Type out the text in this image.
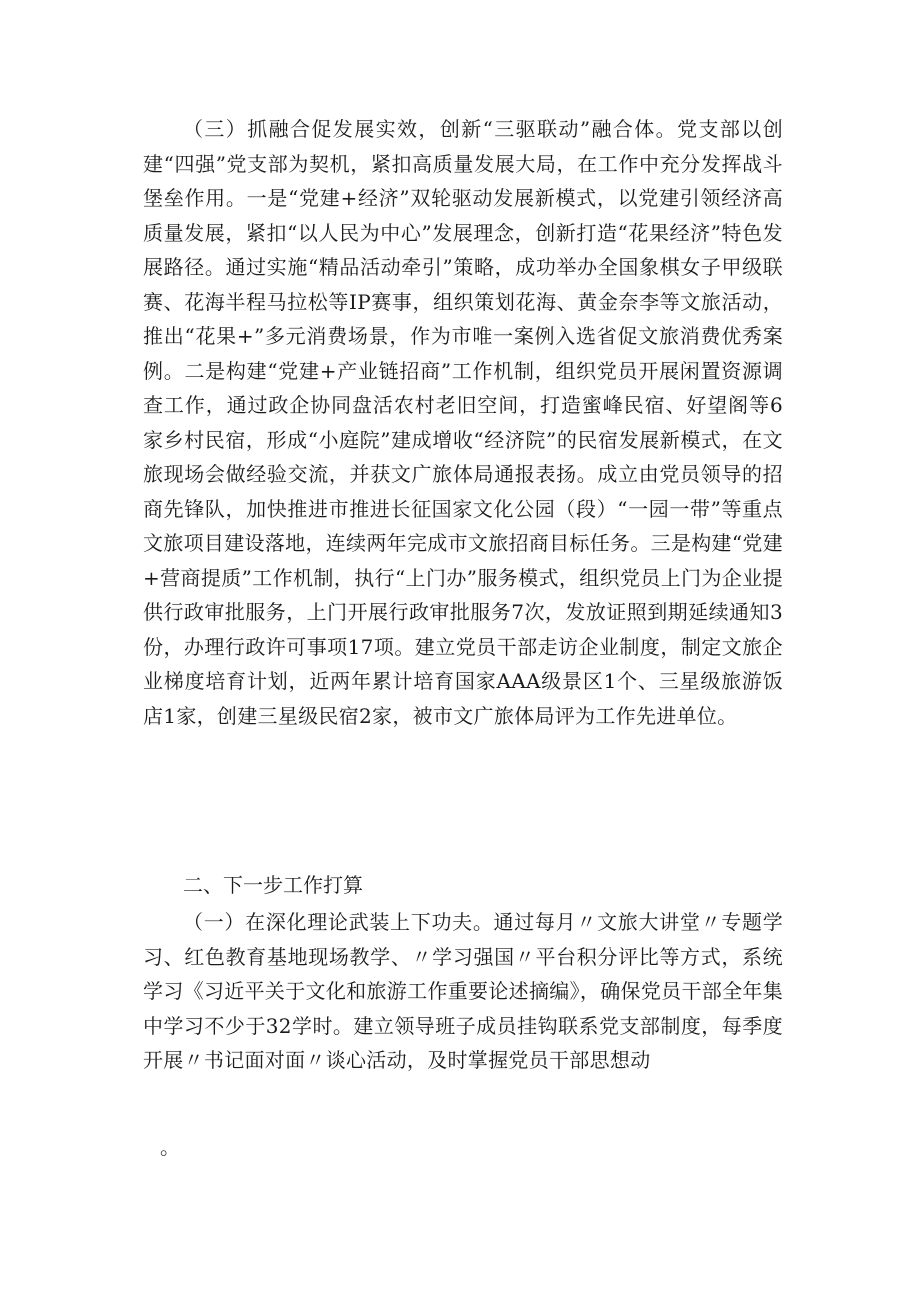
（三）抓融合促发展实效，创新“三驱联动”融合体。党支部以创建“四强”党支部为契机，紧扣高质量发展大局，在工作中充分发挥战斗堡垒作用。一是“党建+经济”双轮驱动发展新模式，以党建引领经济高质量发展，紧扣“以人民为中心”发展理念，创新打造“花果经济”特色发展路径。通过实施“精品活动牵引”策略，成功举办全国象棋女子甲级联赛、花海半程马拉松等IP赛事，组织策划花海、黄金奈李等文旅活动，推出“花果+”多元消费场景，作为市唯一案例入选省促文旅消费优秀案例。二是构建“党建+产业链招商”工作机制，组织党员开展闲置资源调查工作，通过政企协同盘活农村老旧空间，打造蜜峰民宿、好望阁等6家乡村民宿，形成“小庭院”建成增收“经济院”的民宿发展新模式，在文旅现场会做经验交流，并获文广旅体局通报表扬。成立由党员领导的招商先锋队，加快推进市推进长征国家文化公园（段）“一园一带”等重点文旅项目建设落地，连续两年完成市文旅招商目标任务。三是构建“党建+营商提质”工作机制，执行“上门办”服务模式，组织党员上门为企业提供行政审批服务，上门开展行政审批服务7次，发放证照到期延续通知3份，办理行政许可事项17项。建立党员干部走访企业制度，制定文旅企业梯度培育计划，近两年累计培育国家AAA级景区1个、三星级旅游饭店1家，创建三星级民宿2家，被市文广旅体局评为工作先进单位。

二、下一步工作打算

（一）在深化理论武装上下功夫。通过每月〃文旅大讲堂〃专题学习、红色教育基地现场教学、〃学习强国〃平台积分评比等方式，系统学习《习近平关于文化和旅游工作重要论述摘编》，确保党员干部全年集中学习不少于32学时。建立领导班子成员挂钩联系党支部制度，每季度开展〃书记面对面〃谈心活动，及时掌握党员干部思想动

。
